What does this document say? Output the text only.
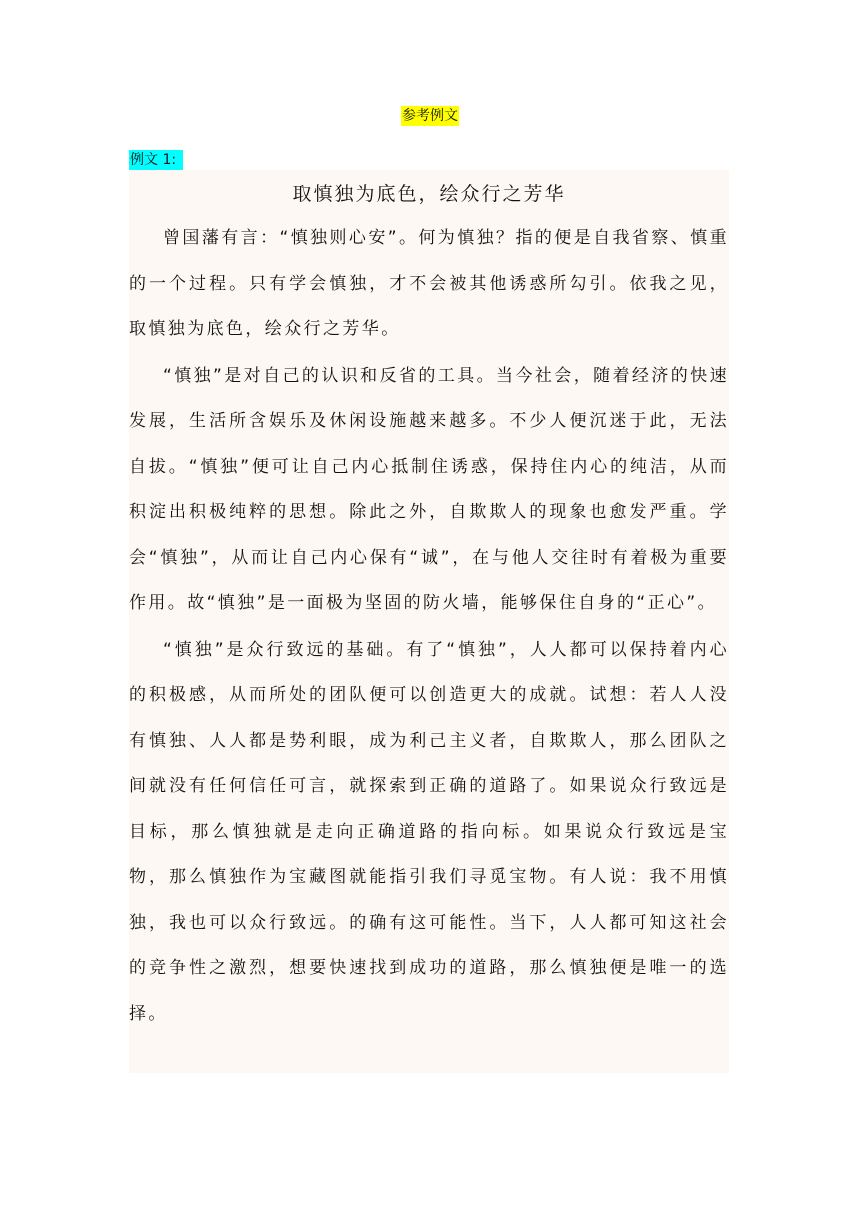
参考例文
例文 1:
取慎独为底色，绘众行之芳华

曾国藩有言：“慎独则心安”。何为慎独？指的便是自我省察、慎重的一个过程。只有学会慎独，才不会被其他诱惑所勾引。依我之见，取慎独为底色，绘众行之芳华。

“慎独”是对自己的认识和反省的工具。当今社会，随着经济的快速发展，生活所含娱乐及休闲设施越来越多。不少人便沉迷于此，无法自拔。“慎独”便可让自己内心抵制住诱惑，保持住内心的纯洁，从而积淀出积极纯粹的思想。除此之外，自欺欺人的现象也愈发严重。学会“慎独”，从而让自己内心保有“诚”，在与他人交往时有着极为重要作用。故“慎独”是一面极为坚固的防火墙，能够保住自身的“正心”。

“慎独”是众行致远的基础。有了“慎独”，人人都可以保持着内心的积极感，从而所处的团队便可以创造更大的成就。试想：若人人没有慎独、人人都是势利眼，成为利己主义者，自欺欺人，那么团队之间就没有任何信任可言，就探索到正确的道路了。如果说众行致远是目标，那么慎独就是走向正确道路的指向标。如果说众行致远是宝物，那么慎独作为宝藏图就能指引我们寻觅宝物。有人说：我不用慎独，我也可以众行致远。的确有这可能性。当下，人人都可知这社会的竞争性之激烈，想要快速找到成功的道路，那么慎独便是唯一的选择。
